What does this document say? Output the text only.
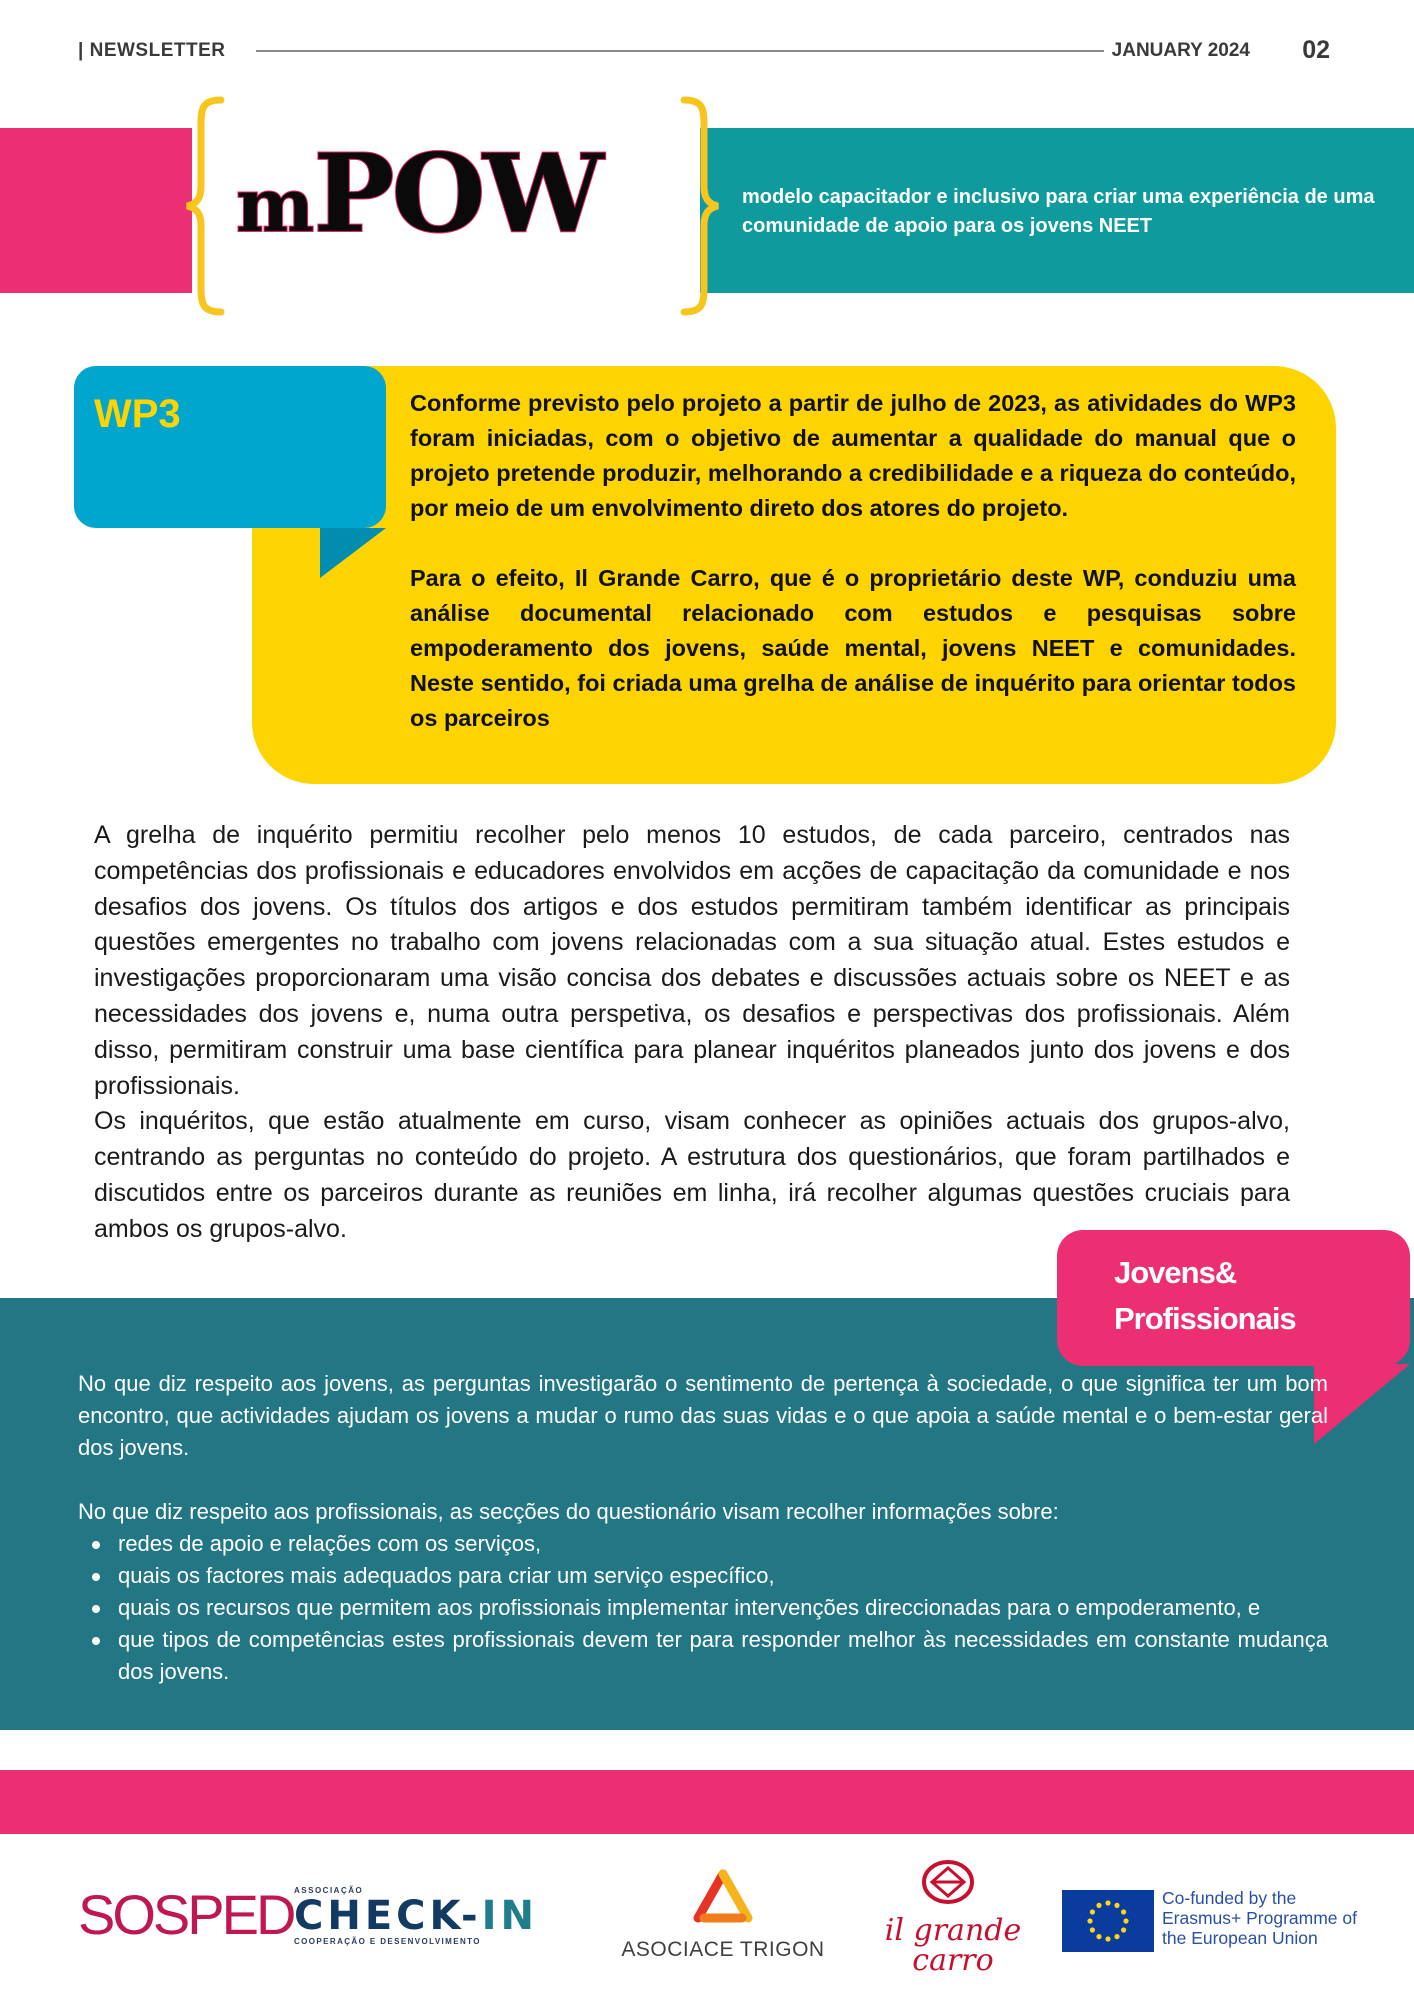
| NEWSLETTER	JANUARY 2024 02
mPOW	modelo capacitador e inclusivo para criar uma experiência de uma comunidade de apoio para os jovens NEET
WP3	Conforme previsto pelo projeto a partir de julho de 2023, as atividades do WP3 foram iniciadas, com o objetivo de aumentar a qualidade do manual que o projeto pretende produzir, melhorando a credibilidade e a riqueza do conteúdo, por meio de um envolvimento direto dos atores do projeto.

Para o efeito, Il Grande Carro, que é o proprietário deste WP, conduziu uma análise documental relacionado com estudos e pesquisas sobre empoderamento dos jovens, saúde mental, jovens NEET e comunidades. Neste sentido, foi criada uma grelha de análise de inquérito para orientar todos os parceiros

A grelha de inquérito permitiu recolher pelo menos 10 estudos, de cada parceiro, centrados nas competências dos profissionais e educadores envolvidos em acções de capacitação da comunidade e nos desafios dos jovens. Os títulos dos artigos e dos estudos permitiram também identificar as principais questões emergentes no trabalho com jovens relacionadas com a sua situação atual. Estes estudos e investigações proporcionaram uma visão concisa dos debates e discussões actuais sobre os NEET e as necessidades dos jovens e, numa outra perspetiva, os desafios e perspectivas dos profissionais. Além disso, permitiram construir uma base científica para planear inquéritos planeados junto dos jovens e dos profissionais.

Os inquéritos, que estão atualmente em curso, visam conhecer as opiniões actuais dos grupos-alvo, centrando as perguntas no conteúdo do projeto. A estrutura dos questionários, que foram partilhados e discutidos entre os parceiros durante as reuniões em linha, irá recolher algumas questões cruciais para ambos os grupos-alvo.

Jovens&
Profissionais

No que diz respeito aos jovens, as perguntas investigarão o sentimento de pertença à sociedade, o que significa ter um bom encontro, que actividades ajudam os jovens a mudar o rumo das suas vidas e o que apoia a saúde mental e o bem-estar geral dos jovens.

No que diz respeito aos profissionais, as secções do questionário visam recolher informações sobre:

redes de apoio e relações com os serviços,
quais os factores mais adequados para criar um serviço específico,
quais os recursos que permitem aos profissionais implementar intervenções direccionadas para o empoderamento, e
que tipos de competências estes profissionais devem ter para responder melhor às necessidades em constante mudança dos jovens.
SOSPED ASSOCIAÇÃO
CHECK-IN
COOPERAÇÃO E DESENVOLVIMENTO	ASOCIACE TRIGON
il grande
carro
Co-funded by the Erasmus+ Programme of the European Union
